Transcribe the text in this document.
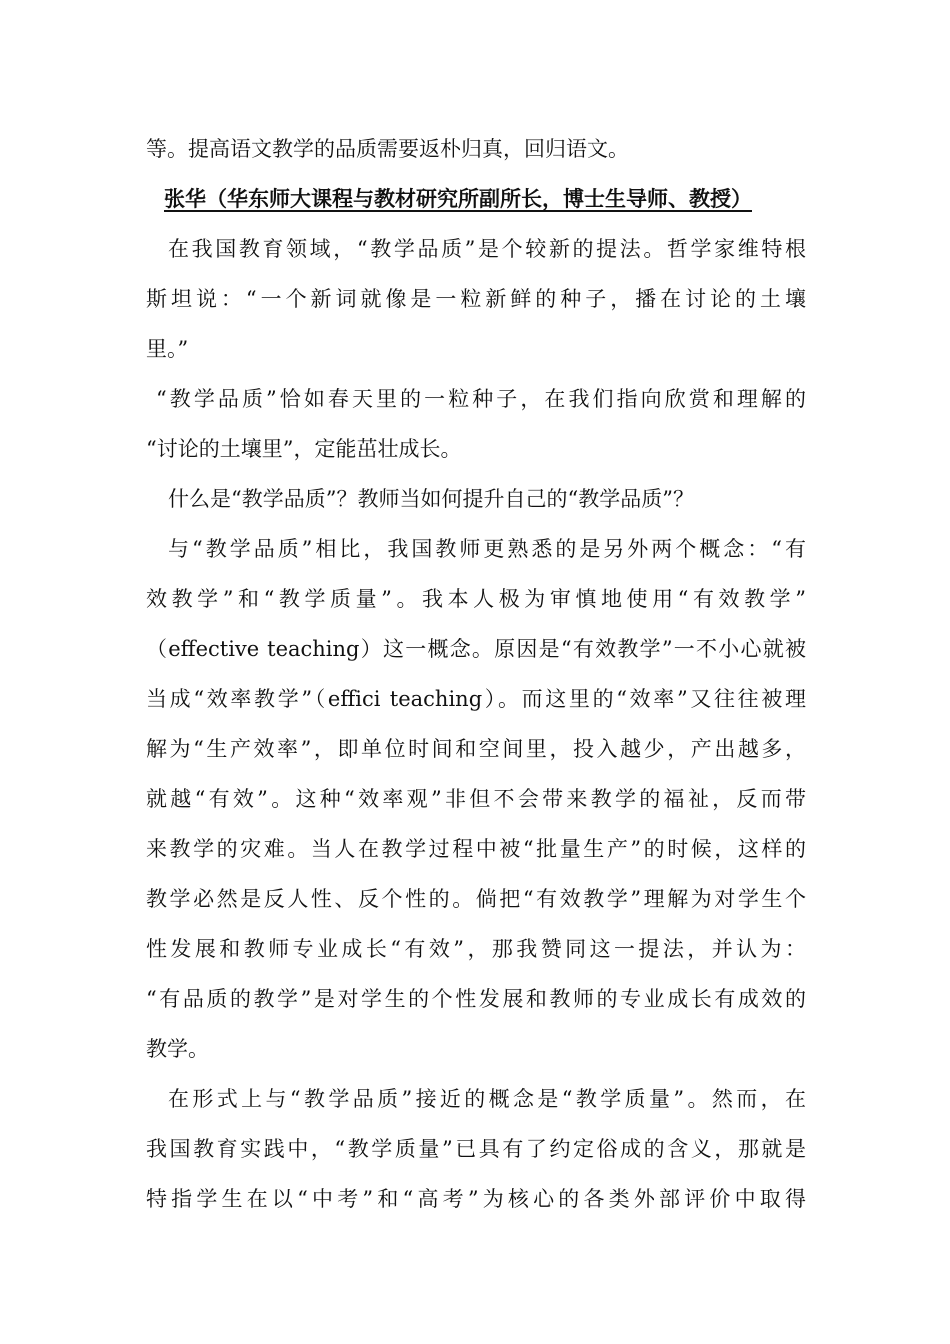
等。提高语文教学的品质需要返朴归真，回归语文。
张华（华东师大课程与教材研究所副所长，博士生导师、教授）
在我国教育领域，“教学品质”是个较新的提法。哲学家维特根
斯坦说：“一个新词就像是一粒新鲜的种子，播在讨论的土壤
里。”
“教学品质”恰如春天里的一粒种子，在我们指向欣赏和理解的
“讨论的土壤里”，定能茁壮成长。
什么是“教学品质”？教师当如何提升自己的“教学品质”？
与“教学品质”相比，我国教师更熟悉的是另外两个概念：“有
效教学”和“教学质量”。我本人极为审慎地使用“有效教学”
（effective teaching）这一概念。原因是“有效教学”一不小心就被
当成“效率教学”（effici teaching）。而这里的“效率”又往往被理
解为“生产效率”，即单位时间和空间里，投入越少，产出越多，
就越“有效”。这种“效率观”非但不会带来教学的福祉，反而带
来教学的灾难。当人在教学过程中被“批量生产”的时候，这样的
教学必然是反人性、反个性的。倘把“有效教学”理解为对学生个
性发展和教师专业成长“有效”，那我赞同这一提法，并认为：
“有品质的教学”是对学生的个性发展和教师的专业成长有成效的
教学。
在形式上与“教学品质”接近的概念是“教学质量”。然而，在
我国教育实践中，“教学质量”已具有了约定俗成的含义，那就是
特指学生在以“中考”和“高考”为核心的各类外部评价中取得
